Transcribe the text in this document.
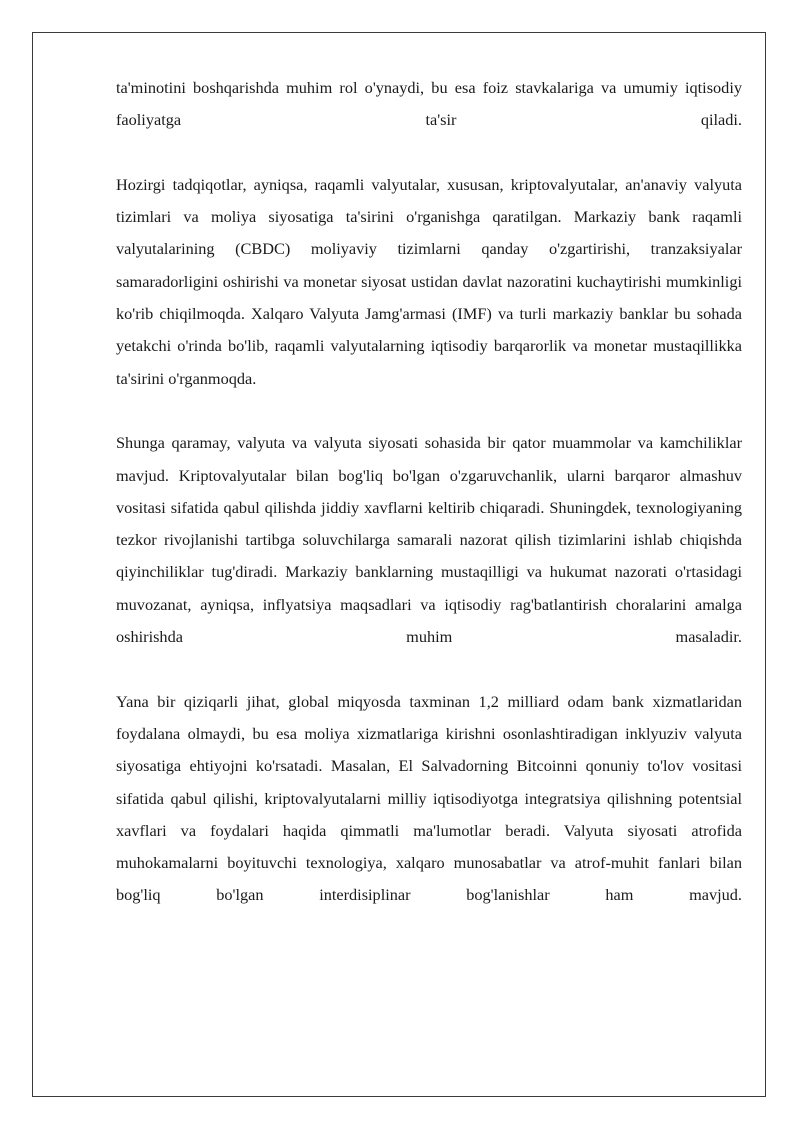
ta'minotini boshqarishda muhim rol o'ynaydi, bu esa foiz stavkalariga va umumiy iqtisodiy faoliyatga ta'sir qiladi.

Hozirgi tadqiqotlar, ayniqsa, raqamli valyutalar, xususan, kriptovalyutalar, an'anaviy valyuta tizimlari va moliya siyosatiga ta'sirini o'rganishga qaratilgan. Markaziy bank raqamli valyutalarining (CBDC) moliyaviy tizimlarni qanday o'zgartirishi, tranzaksiyalar samaradorligini oshirishi va monetar siyosat ustidan davlat nazoratini kuchaytirishi mumkinligi ko'rib chiqilmoqda. Xalqaro Valyuta Jamg'armasi (IMF) va turli markaziy banklar bu sohada yetakchi o'rinda bo'lib, raqamli valyutalarning iqtisodiy barqarorlik va monetar mustaqillikka ta'sirini o'rganmoqda.

Shunga qaramay, valyuta va valyuta siyosati sohasida bir qator muammolar va kamchiliklar mavjud. Kriptovalyutalar bilan bog'liq bo'lgan o'zgaruvchanlik, ularni barqaror almashuv vositasi sifatida qabul qilishda jiddiy xavflarni keltirib chiqaradi. Shuningdek, texnologiyaning tezkor rivojlanishi tartibga soluvchilarga samarali nazorat qilish tizimlarini ishlab chiqishda qiyinchiliklar tug'diradi. Markaziy banklarning mustaqilligi va hukumat nazorati o'rtasidagi muvozanat, ayniqsa, inflyatsiya maqsadlari va iqtisodiy rag'batlantirish choralarini amalga oshirishda muhim masaladir.

Yana bir qiziqarli jihat, global miqyosda taxminan 1,2 milliard odam bank xizmatlaridan foydalana olmaydi, bu esa moliya xizmatlariga kirishni osonlashtiradigan inklyuziv valyuta siyosatiga ehtiyojni ko'rsatadi. Masalan, El Salvadorning Bitcoinni qonuniy to'lov vositasi sifatida qabul qilishi, kriptovalyutalarni milliy iqtisodiyotga integratsiya qilishning potentsial xavflari va foydalari haqida qimmatli ma'lumotlar beradi. Valyuta siyosati atrofida muhokamalarni boyituvchi texnologiya, xalqaro munosabatlar va atrof-muhit fanlari bilan bog'liq bo'lgan interdisiplinar bog'lanishlar ham mavjud.
